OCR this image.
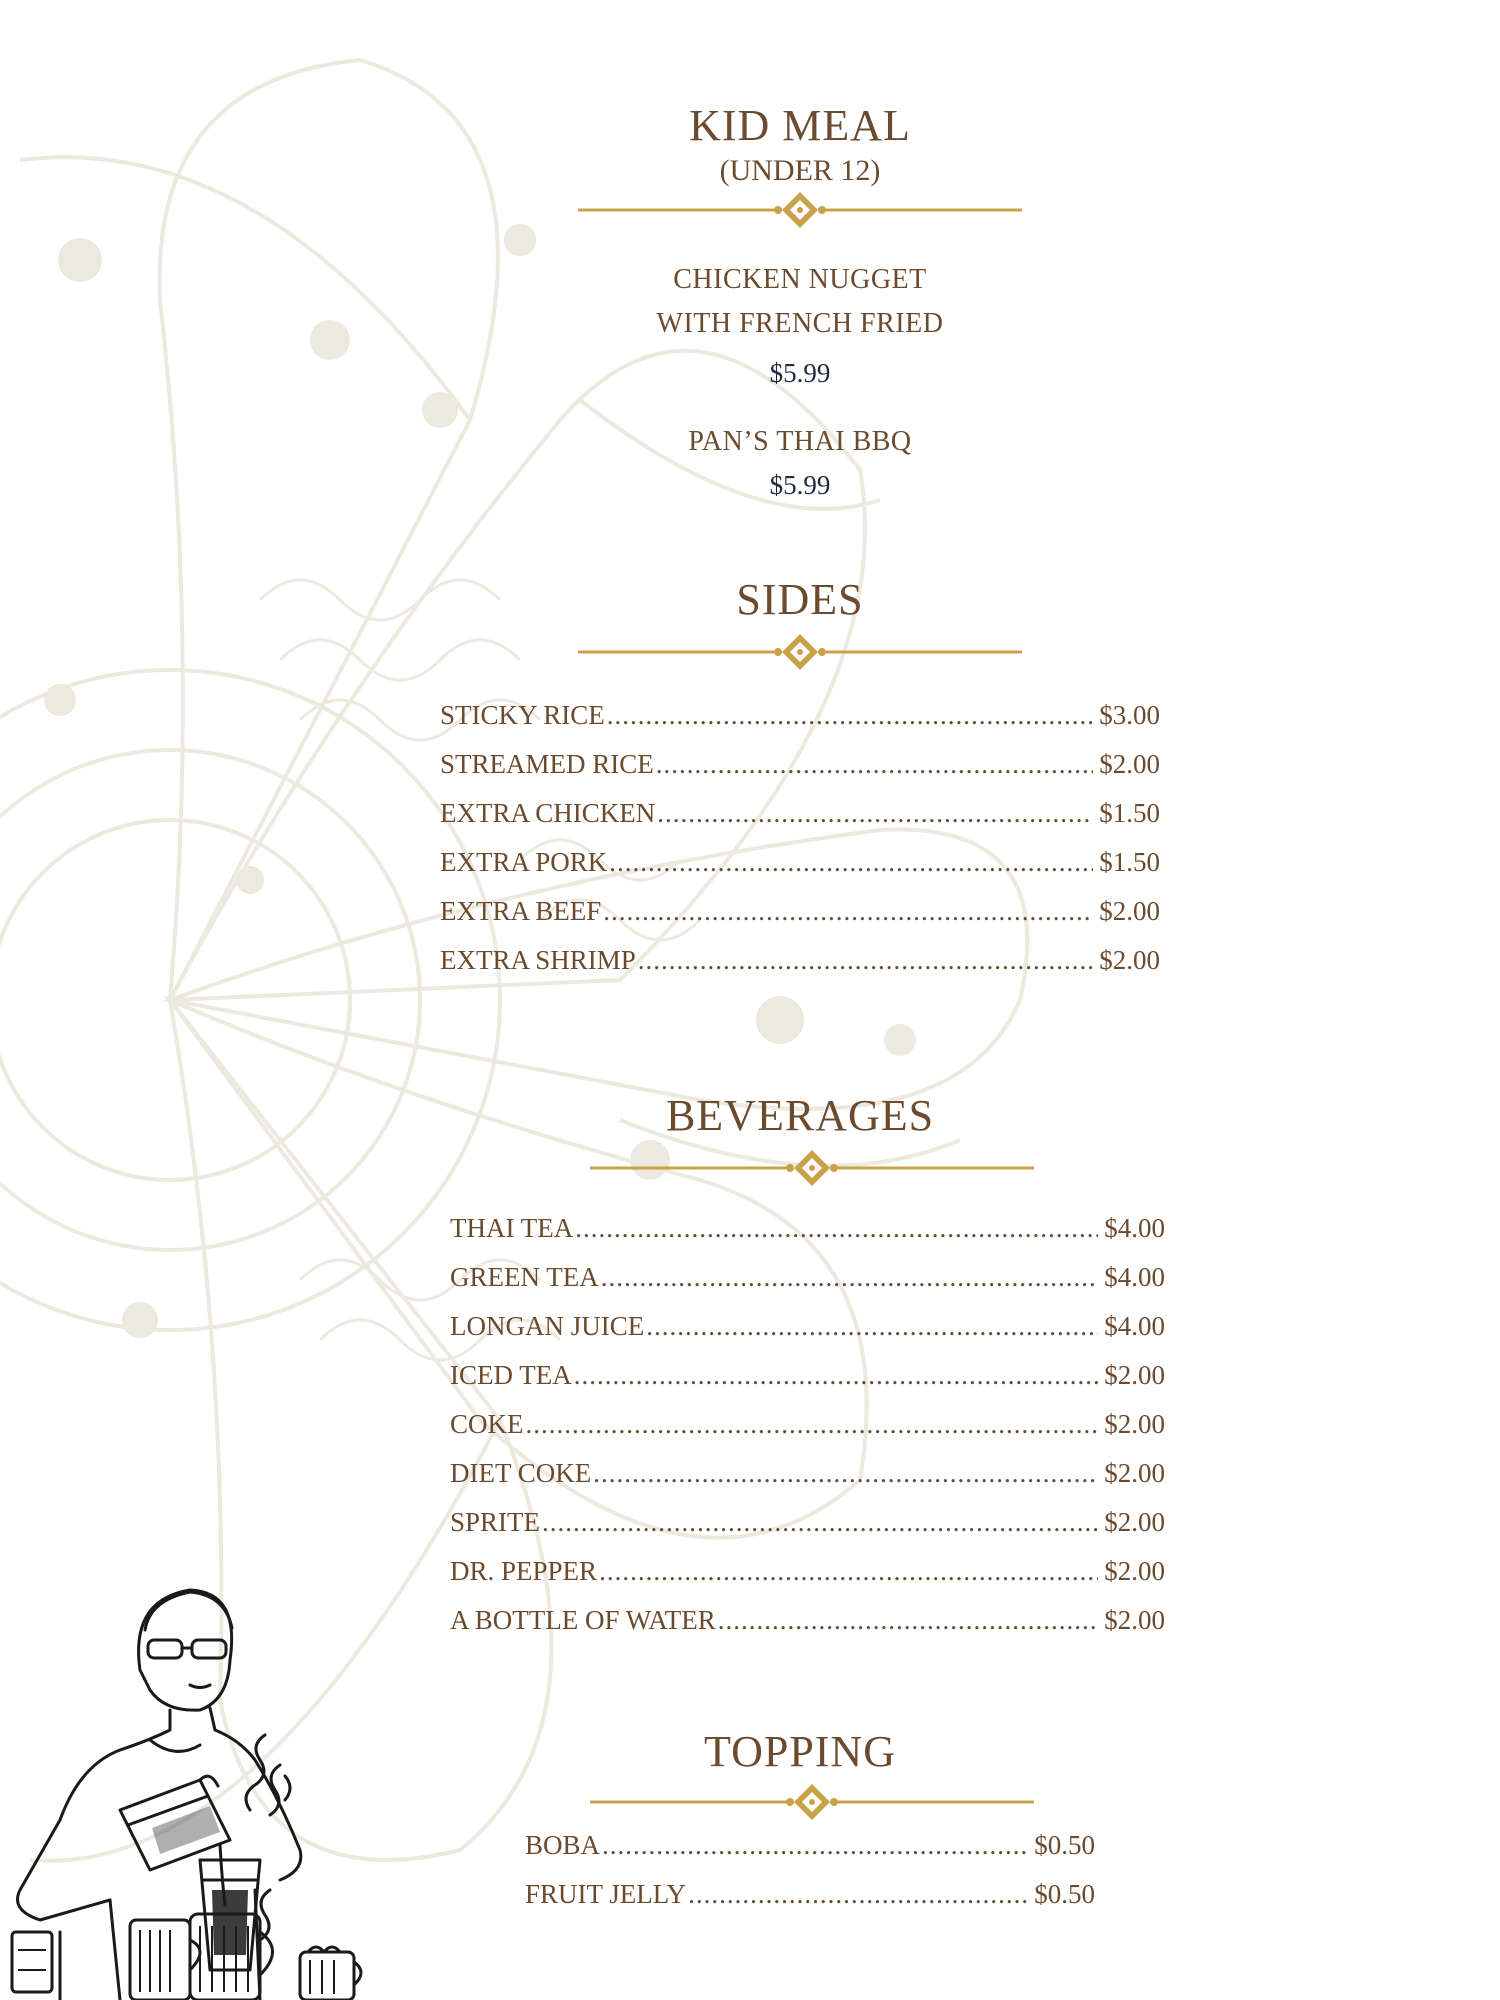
KID MEAL
(UNDER 12)
CHICKEN NUGGET
WITH FRENCH FRIED
$5.99
PAN’S THAI BBQ
$5.99
SIDES
STICKY RICE .....	$3.00
STREAMED RICE .....	$2.00
EXTRA CHICKEN .....	$1.50
EXTRA PORK .....	$1.50
EXTRA BEEF .....	$2.00
EXTRA SHRIMP .....	$2.00
BEVERAGES
THAI TEA .....	$4.00
GREEN TEA .....	$4.00
LONGAN JUICE .....	$4.00
ICED TEA .....	$2.00
COKE .....	$2.00
DIET COKE .....	$2.00
SPRITE .....	$2.00
DR. PEPPER .....	$2.00
A BOTTLE OF WATER .....	$2.00
TOPPING
BOBA .....	$0.50
FRUIT JELLY .....	$0.50
